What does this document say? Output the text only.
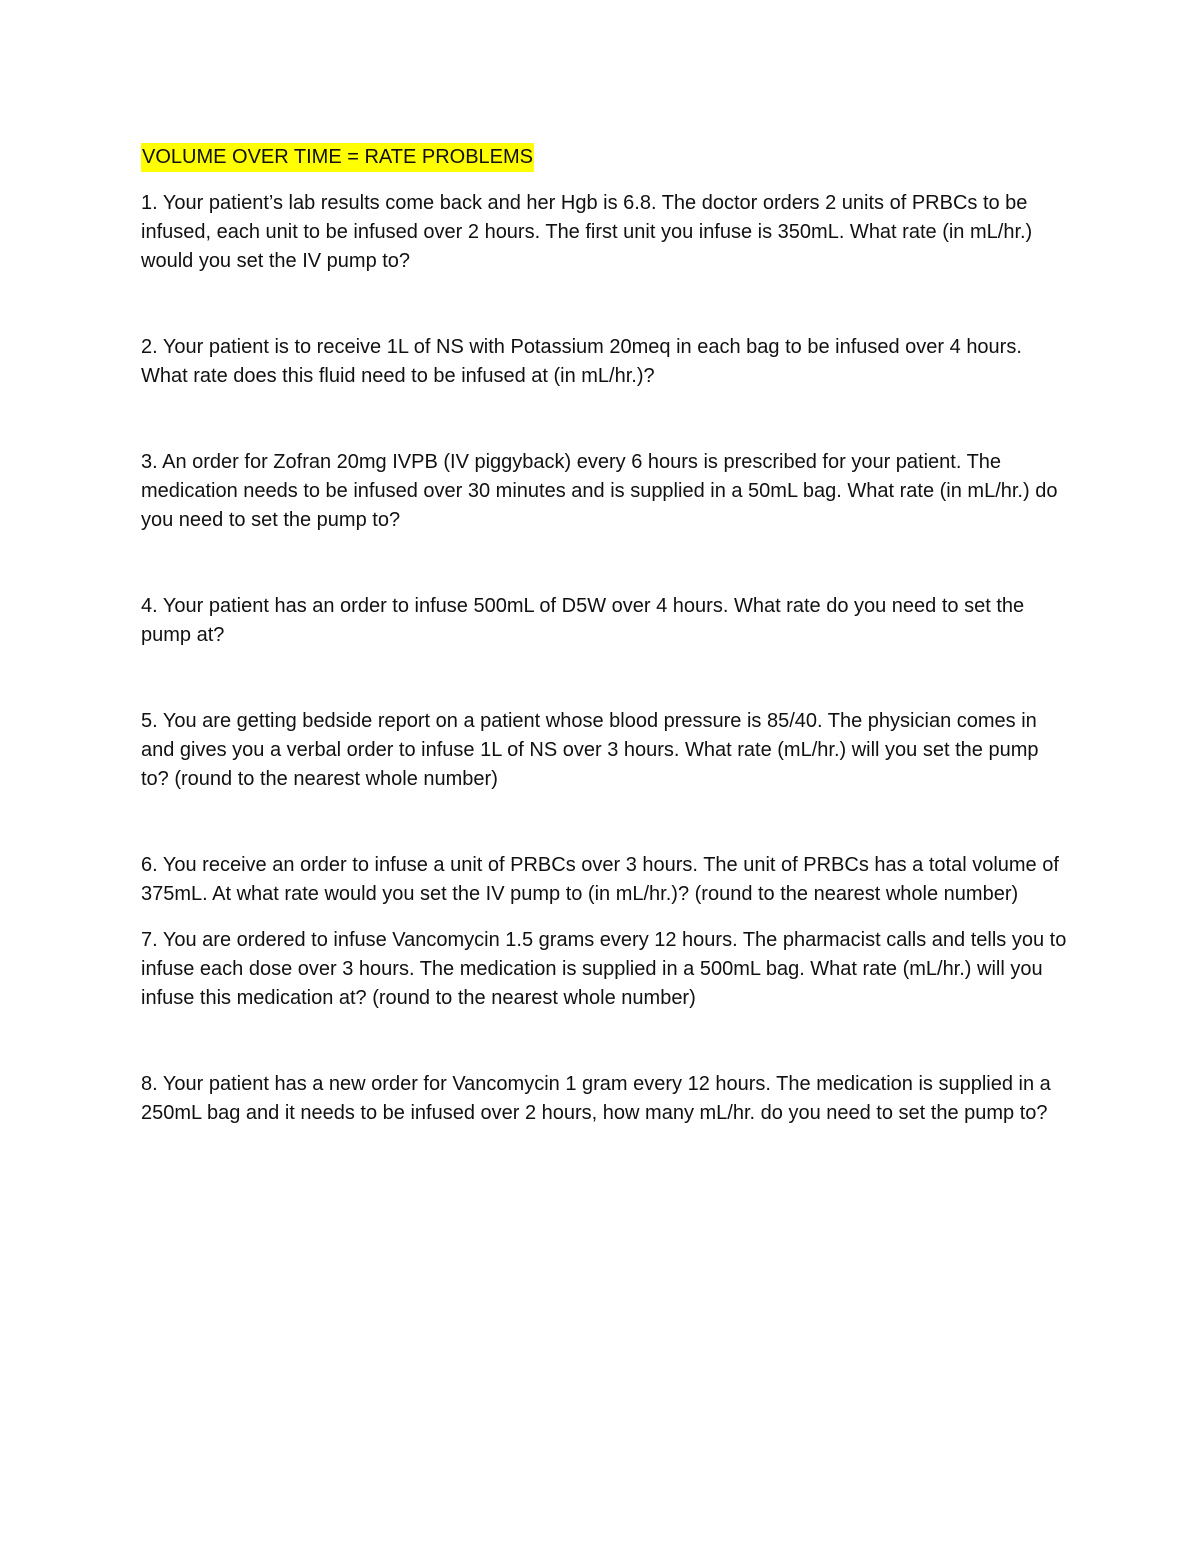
VOLUME OVER TIME = RATE PROBLEMS

1. Your patient’s lab results come back and her Hgb is 6.8. The doctor orders 2 units of PRBCs to be infused, each unit to be infused over 2 hours. The first unit you infuse is 350mL. What rate (in mL/hr.) would you set the IV pump to?

2. Your patient is to receive 1L of NS with Potassium 20meq in each bag to be infused over 4 hours. What rate does this fluid need to be infused at (in mL/hr.)?

3. An order for Zofran 20mg IVPB (IV piggyback) every 6 hours is prescribed for your patient. The medication needs to be infused over 30 minutes and is supplied in a 50mL bag. What rate (in mL/hr.) do you need to set the pump to?

4. Your patient has an order to infuse 500mL of D5W over 4 hours. What rate do you need to set the pump at?

5. You are getting bedside report on a patient whose blood pressure is 85/40. The physician comes in and gives you a verbal order to infuse 1L of NS over 3 hours. What rate (mL/hr.) will you set the pump to? (round to the nearest whole number)

6. You receive an order to infuse a unit of PRBCs over 3 hours. The unit of PRBCs has a total volume of 375mL. At what rate would you set the IV pump to (in mL/hr.)? (round to the nearest whole number)

7. You are ordered to infuse Vancomycin 1.5 grams every 12 hours. The pharmacist calls and tells you to infuse each dose over 3 hours. The medication is supplied in a 500mL bag. What rate (mL/hr.) will you infuse this medication at? (round to the nearest whole number)

8. Your patient has a new order for Vancomycin 1 gram every 12 hours. The medication is supplied in a 250mL bag and it needs to be infused over 2 hours, how many mL/hr. do you need to set the pump to?
